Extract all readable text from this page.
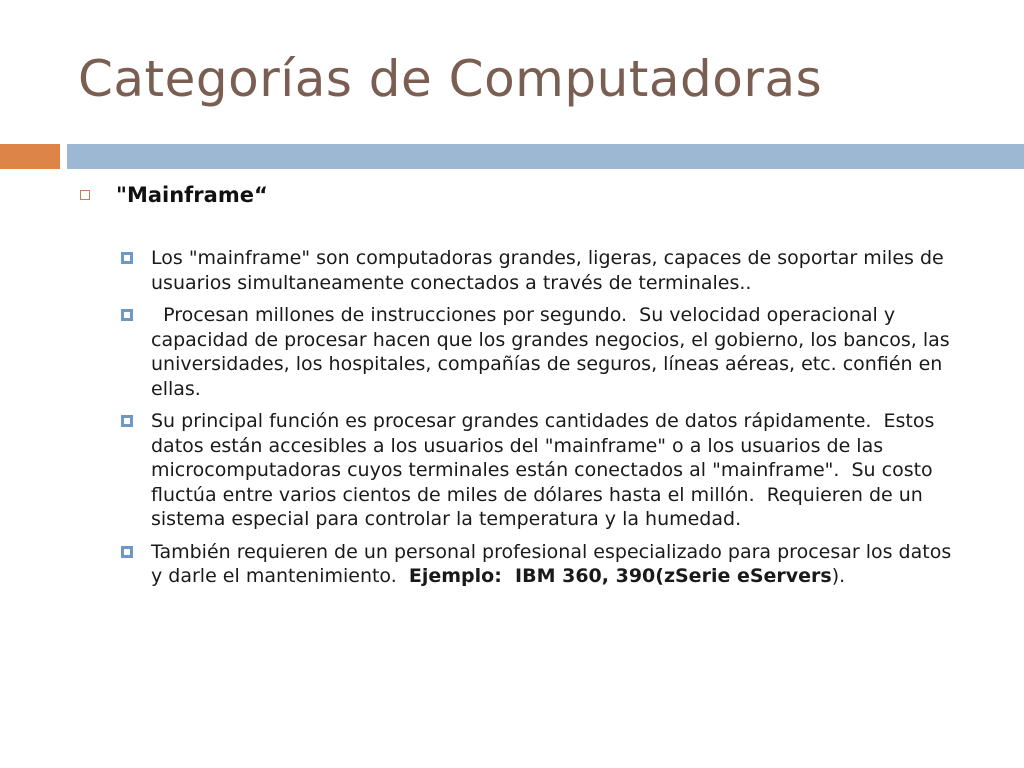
Categorías de Computadoras
"Mainframe“
Los "mainframe" son computadoras grandes, ligeras, capaces de soportar miles de usuarios simultaneamente conectados a través de terminales..
Procesan millones de instrucciones por segundo.  Su velocidad operacional y capacidad de procesar hacen que los grandes negocios, el gobierno, los bancos, las universidades, los hospitales, compañías de seguros, líneas aéreas, etc. confién en ellas.
Su principal función es procesar grandes cantidades de datos rápidamente.  Estos datos están accesibles a los usuarios del "mainframe" o a los usuarios de las microcomputadoras cuyos terminales están conectados al "mainframe".  Su costo fluctúa entre varios cientos de miles de dólares hasta el millón.  Requieren de un sistema especial para controlar la temperatura y la humedad.
También requieren de un personal profesional especializado para procesar los datos y darle el mantenimiento.  Ejemplo:  IBM 360, 390(zSerie eServers).
